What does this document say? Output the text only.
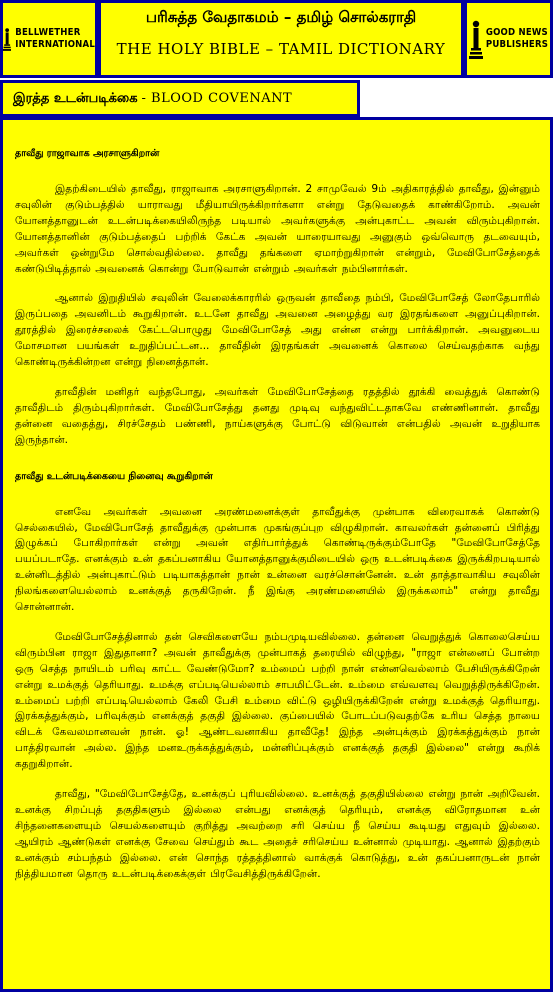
BELLWETHER
INTERNATIONAL
பரிசுத்த வேதாகமம் – தமிழ் சொல்கராதி
THE HOLY BIBLE – TAMIL DICTIONARY
GOOD NEWS
PUBLISHERS
இரத்த உடன்படிக்கை - BLOOD COVENANT
தாவீது ராஜாவாக அரசாளுகிறான்

இதற்கிடையில் தாவீது, ராஜாவாக அரசாளுகிறான். 2 சாமுவேல் 9ம் அதிகாரத்தில் தாவீது, இன்னும் சவுலின் குடும்பத்தில் யாராவது மீதியாயிருக்கிறார்களா என்று தேடுவதைக் காண்கிறோம். அவன் யோனத்தானுடன் உடன்படிக்கையிலிருந்த படியால் அவர்களுக்கு அன்புகாட்ட அவன் விரும்புகிறான். யோனத்தானின் குடும்பத்தைப் பற்றிக் கேட்க அவன் யாரையாவது அனுகும் ஒவ்வொரு தடவையும், அவர்கள் ஒன்றுமே சொல்வதில்லை. தாவீது தங்களை ஏமாற்றுகிறான் என்றும், மேவிபோசேத்தைக் கண்டுபிடித்தால் அவனைக் கொன்று போடுவான் என்றும் அவர்கள் நம்பினார்கள்.

ஆனால் இறுதியில் சவுலின் வேலைக்காரரில் ஒருவன் தாவீதை நம்பி, மேவிபோசேத் லோதேபாரில் இருப்பதை அவனிடம் கூறுகிறான். உடனே தாவீது அவனை அழைத்து வர இரதங்களை அனுப்புகிறான். தூரத்தில் இரைச்சலைக் கேட்டபொழுது மேவிபோசேத் அது என்ன என்று பார்க்கிறான். அவனுடைய மோசமான பயங்கள் உறுதிப்பட்டன... தாவீதின் இரதங்கள் அவனைக் கொலை செய்வதற்காக வந்து கொண்டிருக்கின்றன என்று நினைத்தான்.

தாவீதின் மனிதர் வந்தபோது, அவர்கள் மேவிபோசேத்தை ரதத்தில் தூக்கி வைத்துக் கொண்டு தாவீதிடம் திரும்புகிறார்கள். மேவிபோசேத்து தனது முடிவு வந்துவிட்டதாகவே எண்ணினான். தாவீது தன்னை வதைத்து, சிரச்சேதம் பண்ணி, நாய்களுக்கு போட்டு விடுவான் என்பதில் அவன் உறுதியாக இருந்தான்.

தாவீது உடன்படிக்கையை நினைவு கூறுகிறான்

எனவே அவர்கள் அவனை அரண்மனைக்குள் தாவீதுக்கு முன்பாக விரைவாகக் கொண்டு செல்கையில், மேவிபோசேத் தாவீதுக்கு முன்பாக முகங்குப்புற விழுகிறான். காவலர்கள் தன்னைப் பிரித்து இழுக்கப் போகிறார்கள் என்று அவன் எதிர்பார்த்துக் கொண்டிருக்கும்போதே "மேவிபோசேத்தே பயப்படாதே. எனக்கும் உன் தகப்பனாகிய யோனத்தானுக்குமிடையில் ஒரு உடன்படிக்கை இருக்கிறபடியால் உன்னிடத்தில் அன்புகாட்டும் படியாகத்தான் நான் உன்னை வரச்சொன்னேன். உன் தாத்தாவாகிய சவுலின் நிலங்களையெல்லாம் உனக்குத் தருகிறேன். நீ இங்கு அரண்மனையில் இருக்கலாம்" என்று தாவீது சொன்னான்.

மேவிபோசேத்தினால் தன் செவிகளையே நம்பமுடியவில்லை. தன்னை வெறுத்துக் கொலைசெய்ய விரும்பின ராஜா இதுதானா? அவன் தாவீதுக்கு முன்பாகத் தரையில் விழுந்து, "ராஜா என்னைப் போன்ற ஒரு செத்த நாயிடம் பரிவு காட்ட வேண்டுமோ? உம்மைப் பற்றி நான் என்னவெல்லாம் பேசியிருக்கிறேன் என்று உமக்குத் தெரியாது. உமக்கு எப்படியெல்லாம் சாபமிட்டேன். உம்மை எவ்வளவு வெறுத்திருக்கிறேன். உம்மைப் பற்றி எப்படியெல்லாம் கேலி பேசி உம்மை விட்டு ஒழியிருக்கிறேன் என்று உமக்குத் தெரியாது. இரக்கத்துக்கும், பரிவுக்கும் எனக்குத் தகுதி இல்லை. குப்பையில் போடப்படுவதற்கே உரிய செத்த நாயை விடக் கேவலமானவன் நான். ஓ! ஆண்டவனாகிய தாவீதே! இந்த அன்புக்கும் இரக்கத்துக்கும் நான் பாத்திரவான் அல்ல. இந்த மனஉருக்கத்துக்கும், மன்னிப்புக்கும் எனக்குத் தகுதி இல்லை" என்று கூறிக் கதறுகிறான்.

தாவீது, "மேவிபோசேத்தே, உனக்குப் புரியவில்லை. உனக்குத் தகுதியில்லை என்று நான் அறிவேன். உனக்கு சிறப்புத் தகுதிகளும் இல்லை என்பது எனக்குத் தெரியும், எனக்கு விரோதமான உன் சிந்தனைகளையும் செயல்களையும் குறித்து அவற்றை சரி செய்ய நீ செய்ய கூடியது எதுவும் இல்லை. ஆயிரம் ஆண்டுகள் எனக்கு சேவை செய்தும் கூட அதைச் சரிசெய்ய உன்னால் முடியாது. ஆனால் இதற்கும் உனக்கும் சம்பந்தம் இல்லை. என் சொந்த ரத்தத்தினால் வாக்குக் கொடுத்து, உன் தகப்பனாருடன் நான் நித்தியமான தொரு உடன்படிக்கைக்குள் பிரவேசித்திருக்கிறேன்.
